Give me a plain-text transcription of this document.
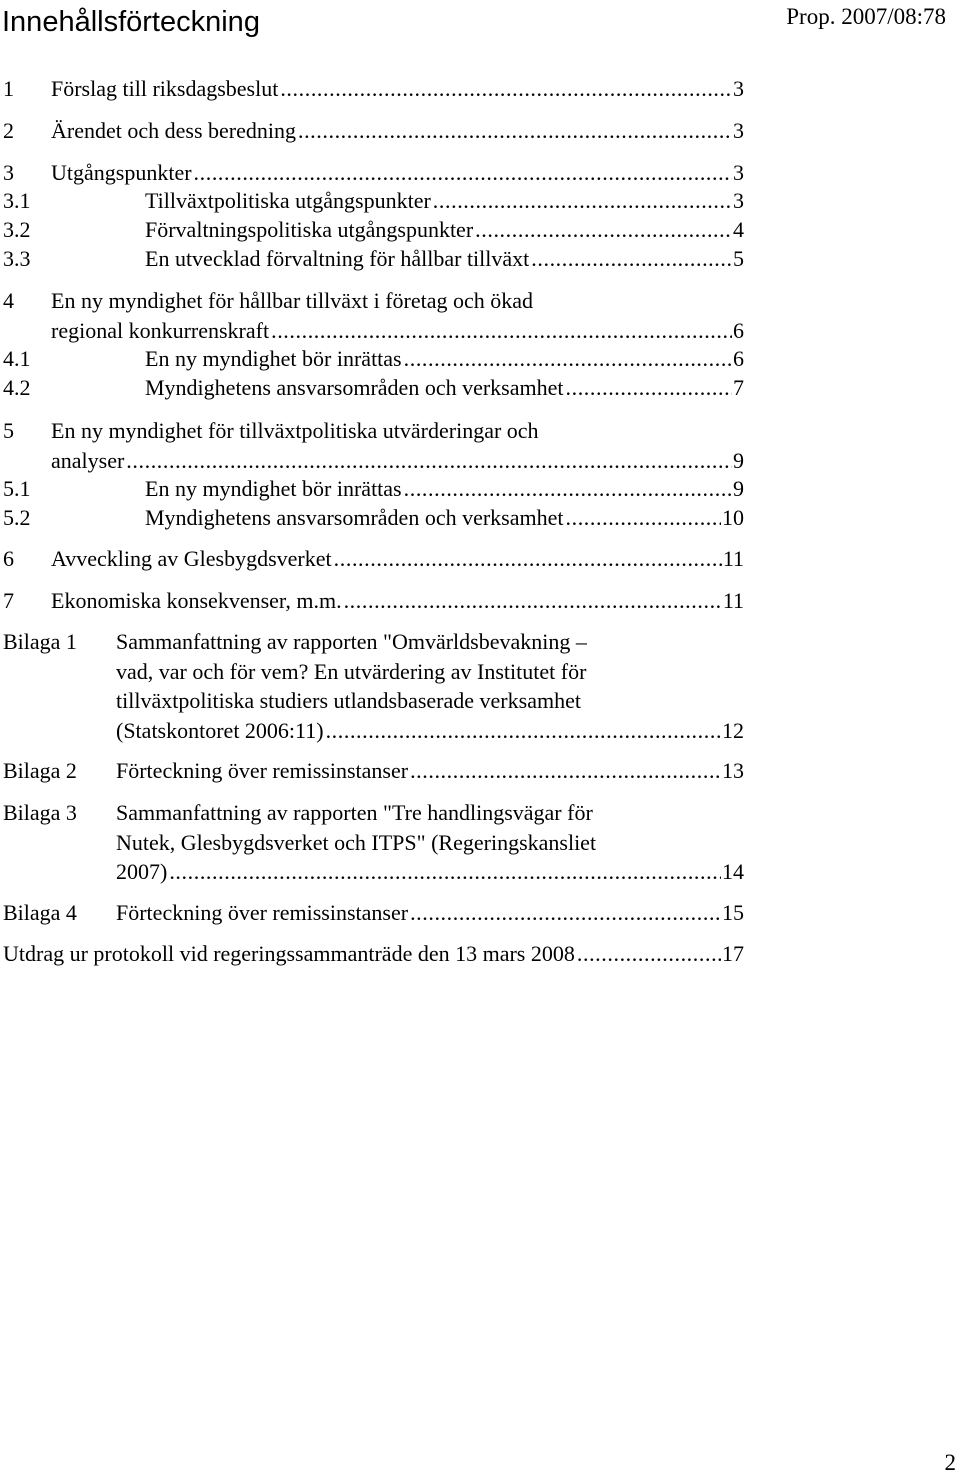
Innehållsförteckning	Prop. 2007/08:78
1 Förslag till riksdagsbeslut .....	3
2 Ärendet och dess beredning .....	3
3 Utgångspunkter .....	3
3.1	Tillväxtpolitiska utgångspunkter .....	3
3.2	Förvaltningspolitiska utgångspunkter .....	4
3.3	En utvecklad förvaltning för hållbar tillväxt .....	5
4 En ny myndighet för hållbar tillväxt i företag och ökad
regional konkurrenskraft .....	6
4.1	En ny myndighet bör inrättas .....	6
4.2	Myndighetens ansvarsområden och verksamhet .....	7
5 En ny myndighet för tillväxtpolitiska utvärderingar och
analyser .....	9
5.1	En ny myndighet bör inrättas .....	9
5.2	Myndighetens ansvarsområden och verksamhet .....	10
6 Avveckling av Glesbygdsverket .....	11
7 Ekonomiska konsekvenser, m.m. .....	11
Bilaga 1 Sammanfattning av rapporten "Omvärldsbevakning –
vad, var och för vem? En utvärdering av Institutet för
tillväxtpolitiska studiers utlandsbaserade verksamhet
(Statskontoret 2006:11) .....	12
Bilaga 2 Förteckning över remissinstanser .....	13
Bilaga 3 Sammanfattning av rapporten "Tre handlingsvägar för
Nutek, Glesbygdsverket och ITPS" (Regeringskansliet
2007) .....	14
Bilaga 4 Förteckning över remissinstanser .....	15
Utdrag ur protokoll vid regeringssammanträde den 13 mars 2008 .....	17
2
